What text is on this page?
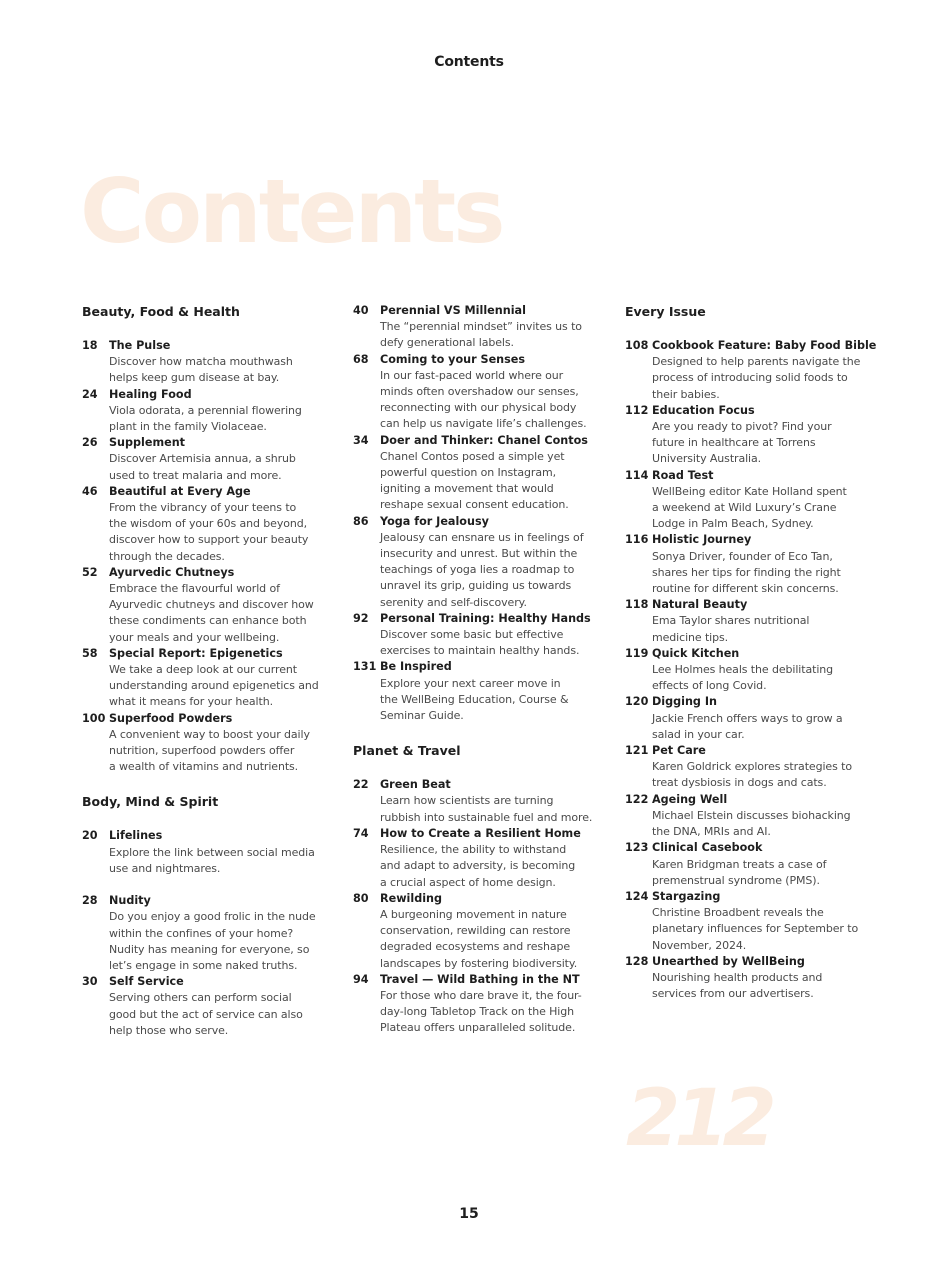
Contents
Contents
Beauty, Food & Health
18 The Pulse
Discover how matcha mouthwash
helps keep gum disease at bay.
24 Healing Food
Viola odorata, a perennial flowering
plant in the family Violaceae.
26 Supplement
Discover Artemisia annua, a shrub
used to treat malaria and more.
46 Beautiful at Every Age
From the vibrancy of your teens to
the wisdom of your 60s and beyond,
discover how to support your beauty
through the decades.
52 Ayurvedic Chutneys
Embrace the flavourful world of
Ayurvedic chutneys and discover how
these condiments can enhance both
your meals and your wellbeing.
58 Special Report: Epigenetics
We take a deep look at our current
understanding around epigenetics and
what it means for your health.
100 Superfood Powders
A convenient way to boost your daily
nutrition, superfood powders offer
a wealth of vitamins and nutrients.
Body, Mind & Spirit
20 Lifelines
Explore the link between social media
use and nightmares.
28 Nudity
Do you enjoy a good frolic in the nude
within the confines of your home?
Nudity has meaning for everyone, so
let’s engage in some naked truths.
30 Self Service
Serving others can perform social
good but the act of service can also
help those who serve.
40 Perennial VS Millennial
The “perennial mindset” invites us to
defy generational labels.
68 Coming to your Senses
In our fast-paced world where our
minds often overshadow our senses,
reconnecting with our physical body
can help us navigate life’s challenges.
34 Doer and Thinker: Chanel Contos
Chanel Contos posed a simple yet
powerful question on Instagram,
igniting a movement that would
reshape sexual consent education.
86 Yoga for Jealousy
Jealousy can ensnare us in feelings of
insecurity and unrest. But within the
teachings of yoga lies a roadmap to
unravel its grip, guiding us towards
serenity and self-discovery.
92 Personal Training: Healthy Hands
Discover some basic but effective
exercises to maintain healthy hands.
131 Be Inspired
Explore your next career move in
the WellBeing Education, Course &
Seminar Guide.
Planet & Travel
22 Green Beat
Learn how scientists are turning
rubbish into sustainable fuel and more.
74 How to Create a Resilient Home
Resilience, the ability to withstand
and adapt to adversity, is becoming
a crucial aspect of home design.
80 Rewilding
A burgeoning movement in nature
conservation, rewilding can restore
degraded ecosystems and reshape
landscapes by fostering biodiversity.
94 Travel — Wild Bathing in the NT
For those who dare brave it, the four-
day-long Tabletop Track on the High
Plateau offers unparalleled solitude.
Every Issue
108 Cookbook Feature: Baby Food Bible
Designed to help parents navigate the
process of introducing solid foods to
their babies.
112 Education Focus
Are you ready to pivot? Find your
future in healthcare at Torrens
University Australia.
114 Road Test
WellBeing editor Kate Holland spent
a weekend at Wild Luxury’s Crane
Lodge in Palm Beach, Sydney.
116 Holistic Journey
Sonya Driver, founder of Eco Tan,
shares her tips for finding the right
routine for different skin concerns.
118 Natural Beauty
Ema Taylor shares nutritional
medicine tips.
119 Quick Kitchen
Lee Holmes heals the debilitating
effects of long Covid.
120 Digging In
Jackie French offers ways to grow a
salad in your car.
121 Pet Care
Karen Goldrick explores strategies to
treat dysbiosis in dogs and cats.
122 Ageing Well
Michael Elstein discusses biohacking
the DNA, MRIs and AI.
123 Clinical Casebook
Karen Bridgman treats a case of
premenstrual syndrome (PMS).
124 Stargazing
Christine Broadbent reveals the
planetary influences for September to
November, 2024.
128 Unearthed by WellBeing
Nourishing health products and
services from our advertisers.
212
15
